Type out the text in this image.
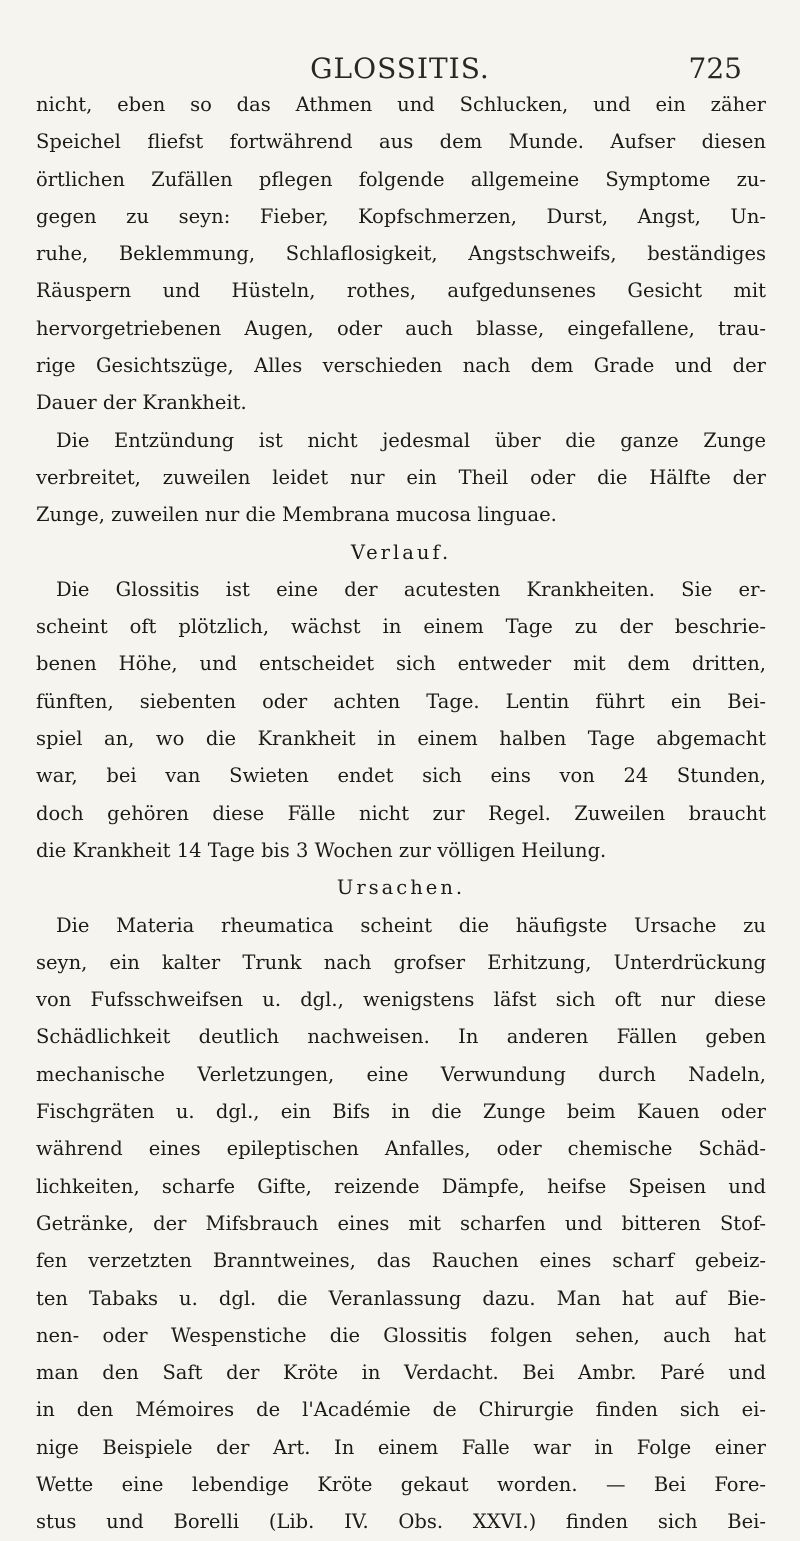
GLOSSITIS.	725
nicht, eben so das Athmen und Schlucken, und ein zäher
Speichel fliefst fortwährend aus dem Munde. Aufser diesen
örtlichen Zufällen pflegen folgende allgemeine Symptome zu-
gegen zu seyn: Fieber, Kopfschmerzen, Durst, Angst, Un-
ruhe, Beklemmung, Schlaflosigkeit, Angstschweifs, beständiges
Räuspern und Hüsteln, rothes, aufgedunsenes Gesicht mit
hervorgetriebenen Augen, oder auch blasse, eingefallene, trau-
rige Gesichtszüge, Alles verschieden nach dem Grade und der
Dauer der Krankheit.
Die Entzündung ist nicht jedesmal über die ganze Zunge
verbreitet, zuweilen leidet nur ein Theil oder die Hälfte der
Zunge, zuweilen nur die Membrana mucosa linguae.
Verlauf.
Die Glossitis ist eine der acutesten Krankheiten. Sie er-
scheint oft plötzlich, wächst in einem Tage zu der beschrie-
benen Höhe, und entscheidet sich entweder mit dem dritten,
fünften, siebenten oder achten Tage. Lentin führt ein Bei-
spiel an, wo die Krankheit in einem halben Tage abgemacht
war, bei van Swieten endet sich eins von 24 Stunden,
doch gehören diese Fälle nicht zur Regel. Zuweilen braucht
die Krankheit 14 Tage bis 3 Wochen zur völligen Heilung.
Ursachen.
Die Materia rheumatica scheint die häufigste Ursache zu
seyn, ein kalter Trunk nach grofser Erhitzung, Unterdrückung
von Fufsschweifsen u. dgl., wenigstens läfst sich oft nur diese
Schädlichkeit deutlich nachweisen. In anderen Fällen geben
mechanische Verletzungen, eine Verwundung durch Nadeln,
Fischgräten u. dgl., ein Bifs in die Zunge beim Kauen oder
während eines epileptischen Anfalles, oder chemische Schäd-
lichkeiten, scharfe Gifte, reizende Dämpfe, heifse Speisen und
Getränke, der Mifsbrauch eines mit scharfen und bitteren Stof-
fen verzetzten Branntweines, das Rauchen eines scharf gebeiz-
ten Tabaks u. dgl. die Veranlassung dazu. Man hat auf Bie-
nen- oder Wespenstiche die Glossitis folgen sehen, auch hat
man den Saft der Kröte in Verdacht. Bei Ambr. Paré und
in den Mémoires de l'Académie de Chirurgie finden sich ei-
nige Beispiele der Art. In einem Falle war in Folge einer
Wette eine lebendige Kröte gekaut worden. — Bei Fore-
stus und Borelli (Lib. IV. Obs. XXVI.) finden sich Bei-
